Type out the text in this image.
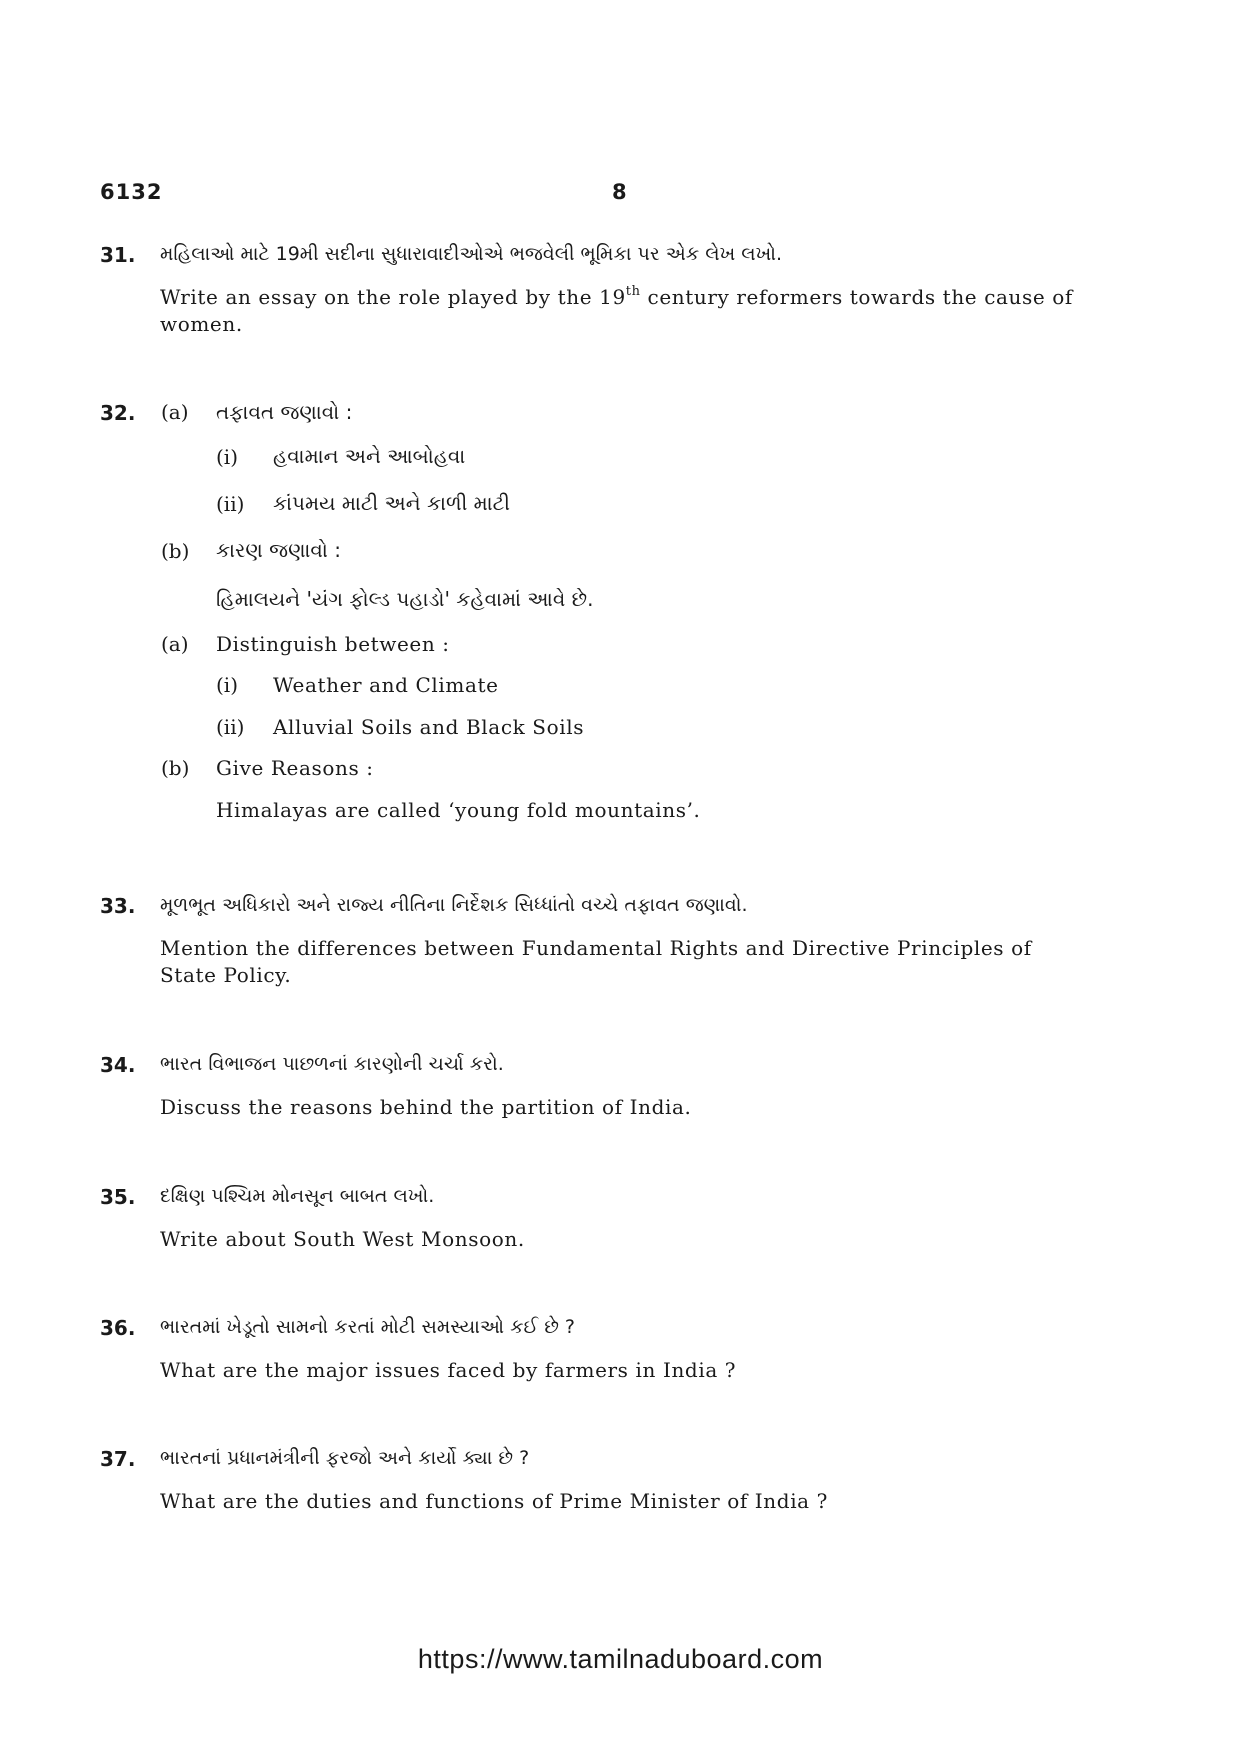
6132	8
31. મહિલાઓ માટે 19મી સદીના સુધારાવાદીઓએ ભજવેલી ભૂમિકા પર એક લેખ લખો.
Write an essay on the role played by the 19th century reformers towards the cause of women.
32. (a) તફાવત જણાવો :
(i) હવામાન અને આબોહવા
(ii) કાંપમય માટી અને કાળી માટી
(b) કારણ જણાવો :
હિમાલયને 'યંગ ફોલ્ડ પહાડો' કહેવામાં આવે છે.
(a) Distinguish between :
(i) Weather and Climate
(ii) Alluvial Soils and Black Soils
(b) Give Reasons :
Himalayas are called ‘young fold mountains’.
33. મૂળભૂત અધિકારો અને રાજ્ય નીતિના નિર્દેશક સિધ્ધાંતો વચ્ચે તફાવત જણાવો.
Mention the differences between Fundamental Rights and Directive Principles of State Policy.
34. ભારત વિભાજન પાછળનાં કારણોની ચર્ચા કરો.
Discuss the reasons behind the partition of India.
35. દક્ષિણ પશ્ચિમ મોનસૂન બાબત લખો.
Write about South West Monsoon.
36. ભારતમાં ખેડૂતો સામનો કરતાં મોટી સમસ્યાઓ કઈ છે ?
What are the major issues faced by farmers in India ?
37. ભારતનાં પ્રધાનમંત્રીની ફરજો અને કાર્યો ક્યા છે ?
What are the duties and functions of Prime Minister of India ?
https://www.tamilnaduboard.com
